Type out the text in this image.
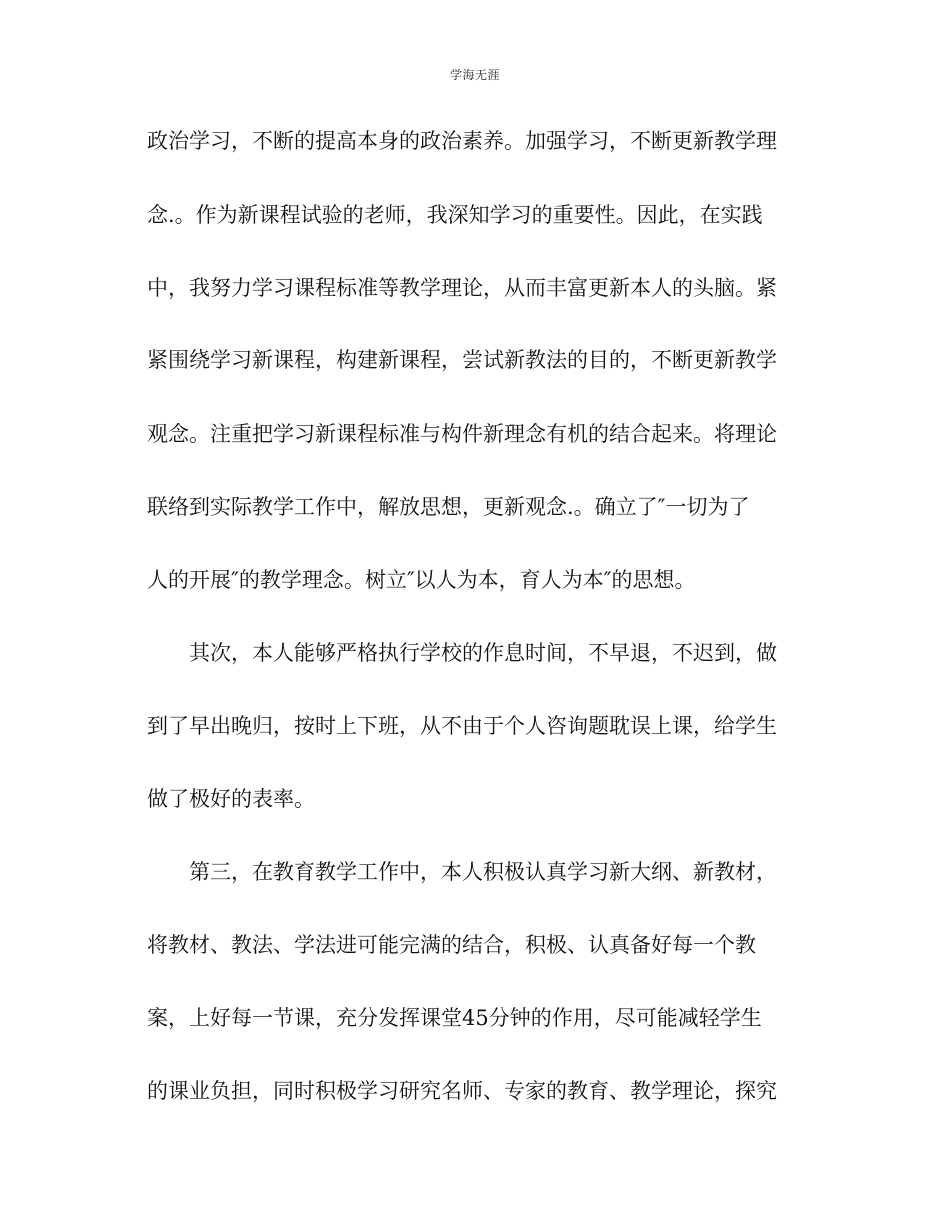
学海无涯
政治学习，不断的提高本身的政治素养。加强学习，不断更新教学理
念.。作为新课程试验的老师，我深知学习的重要性。因此，在实践
中，我努力学习课程标准等教学理论，从而丰富更新本人的头脑。紧
紧围绕学习新课程，构建新课程，尝试新教法的目的，不断更新教学
观念。注重把学习新课程标准与构件新理念有机的结合起来。将理论
联络到实际教学工作中，解放思想，更新观念.。确立了″一切为了
人的开展″的教学理念。树立″以人为本，育人为本″的思想。
其次，本人能够严格执行学校的作息时间，不早退，不迟到，做
到了早出晚归，按时上下班，从不由于个人咨询题耽误上课，给学生
做了极好的表率。
第三，在教育教学工作中，本人积极认真学习新大纲、新教材，
将教材、教法、学法进可能完满的结合，积极、认真备好每一个教
案，上好每一节课，充分发挥课堂45分钟的作用，尽可能减轻学生
的课业负担，同时积极学习研究名师、专家的教育、教学理论，探究
